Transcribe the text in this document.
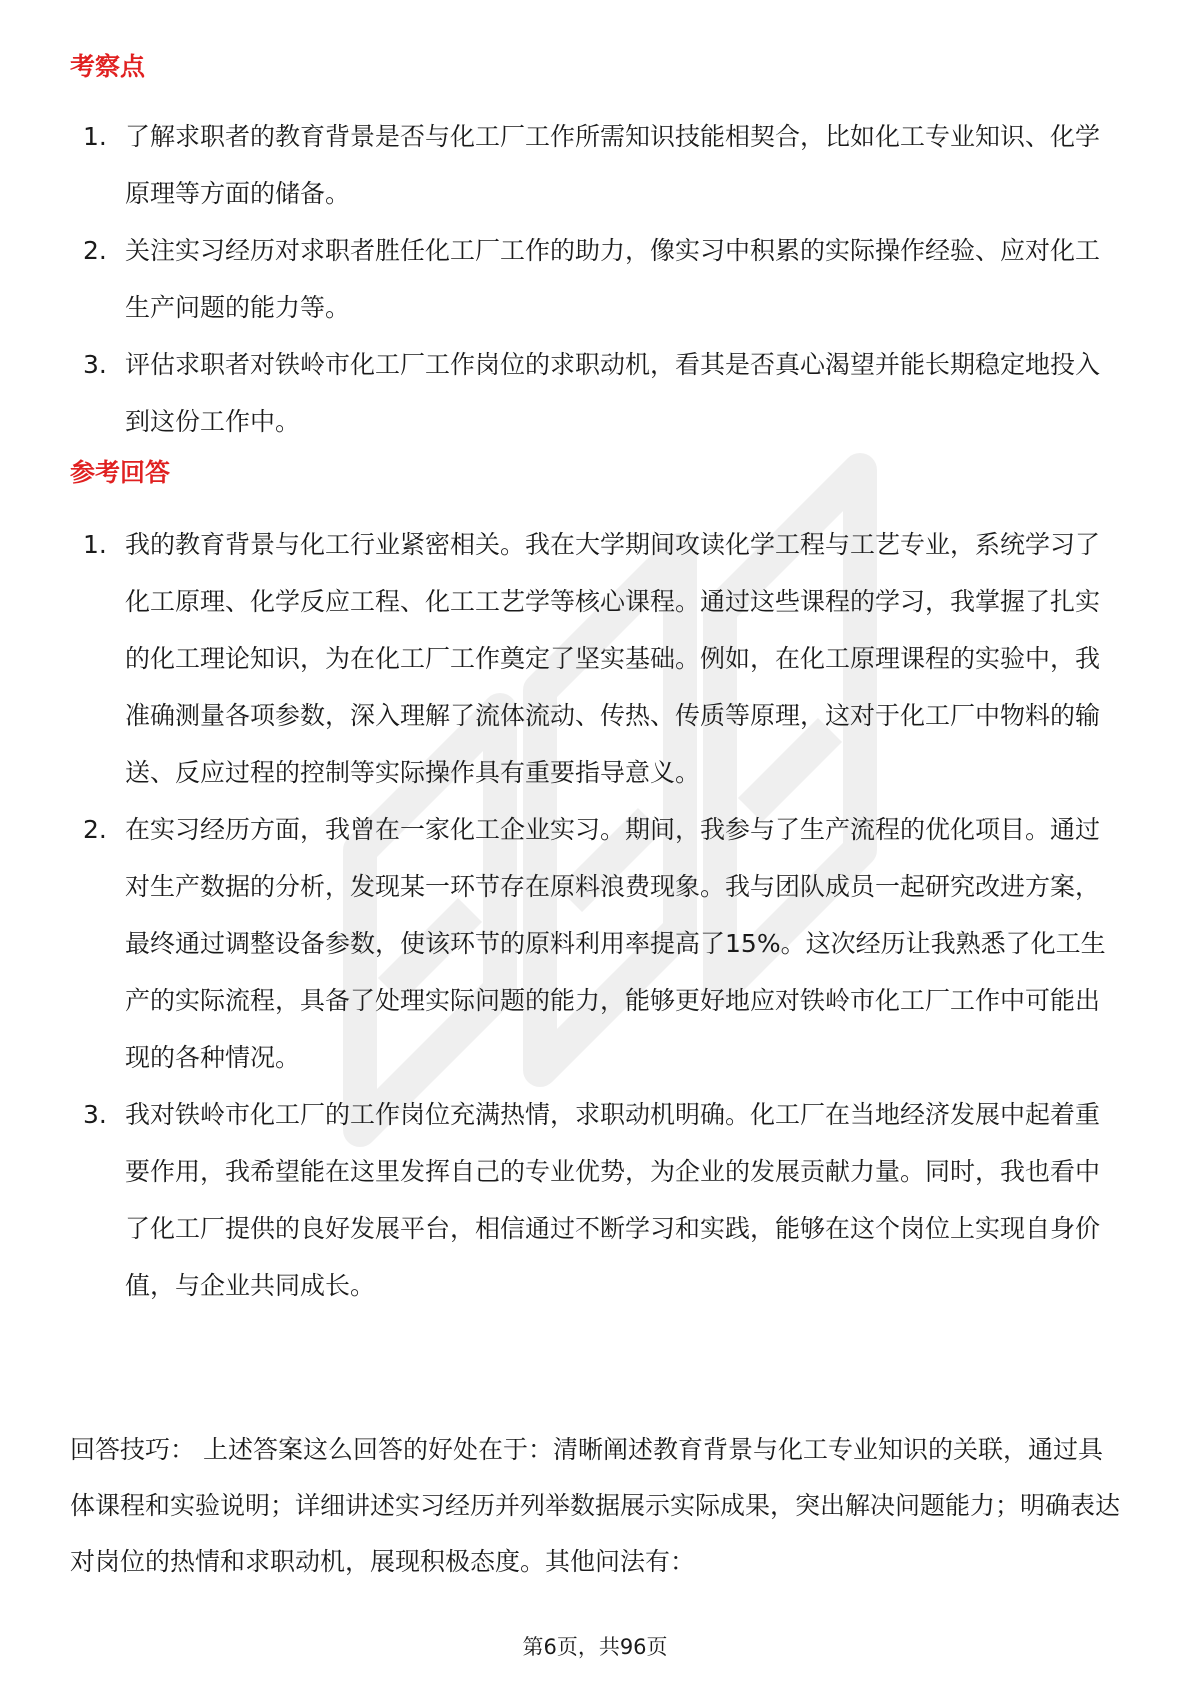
考察点
1. 了解求职者的教育背景是否与化工厂工作所需知识技能相契合，比如化工专业知识、化学原理等方面的储备。
2. 关注实习经历对求职者胜任化工厂工作的助力，像实习中积累的实际操作经验、应对化工生产问题的能力等。
3. 评估求职者对铁岭市化工厂工作岗位的求职动机，看其是否真心渴望并能长期稳定地投入到这份工作中。
参考回答
1. 我的教育背景与化工行业紧密相关。我在大学期间攻读化学工程与工艺专业，系统学习了化工原理、化学反应工程、化工工艺学等核心课程。通过这些课程的学习，我掌握了扎实的化工理论知识，为在化工厂工作奠定了坚实基础。例如，在化工原理课程的实验中，我准确测量各项参数，深入理解了流体流动、传热、传质等原理，这对于化工厂中物料的输送、反应过程的控制等实际操作具有重要指导意义。
2. 在实习经历方面，我曾在一家化工企业实习。期间，我参与了生产流程的优化项目。通过对生产数据的分析，发现某一环节存在原料浪费现象。我与团队成员一起研究改进方案，最终通过调整设备参数，使该环节的原料利用率提高了15%。这次经历让我熟悉了化工生产的实际流程，具备了处理实际问题的能力，能够更好地应对铁岭市化工厂工作中可能出现的各种情况。
3. 我对铁岭市化工厂的工作岗位充满热情，求职动机明确。化工厂在当地经济发展中起着重要作用，我希望能在这里发挥自己的专业优势，为企业的发展贡献力量。同时，我也看中了化工厂提供的良好发展平台，相信通过不断学习和实践，能够在这个岗位上实现自身价值，与企业共同成长。

回答技巧： 上述答案这么回答的好处在于：清晰阐述教育背景与化工专业知识的关联，通过具体课程和实验说明；详细讲述实习经历并列举数据展示实际成果，突出解决问题能力；明确表达对岗位的热情和求职动机，展现积极态度。其他问法有：

第6页，共96页
